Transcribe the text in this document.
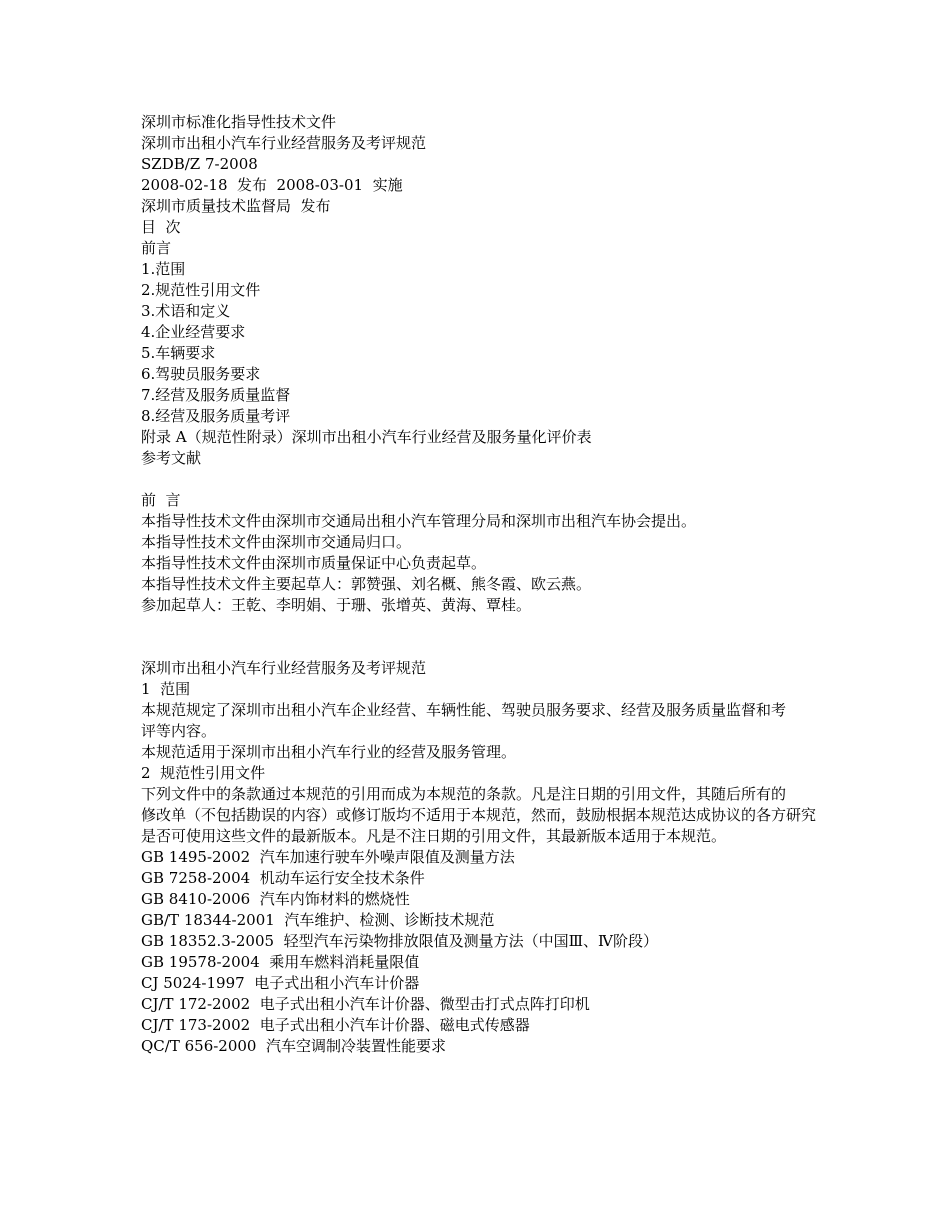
深圳市标准化指导性技术文件
深圳市出租小汽车行业经营服务及考评规范
SZDB/Z 7-2008
2008-02-18  发布  2008-03-01  实施
深圳市质量技术监督局  发布
目  次
前言
1.范围
2.规范性引用文件
3.术语和定义
4.企业经营要求
5.车辆要求
6.驾驶员服务要求
7.经营及服务质量监督
8.经营及服务质量考评
附录 A（规范性附录）深圳市出租小汽车行业经营及服务量化评价表
参考文献
前  言
本指导性技术文件由深圳市交通局出租小汽车管理分局和深圳市出租汽车协会提出。
本指导性技术文件由深圳市交通局归口。
本指导性技术文件由深圳市质量保证中心负责起草。
本指导性技术文件主要起草人：郭赞强、刘名概、熊冬霞、欧云燕。
参加起草人：王乾、李明娟、于珊、张增英、黄海、覃桂。
深圳市出租小汽车行业经营服务及考评规范
1  范围
本规范规定了深圳市出租小汽车企业经营、车辆性能、驾驶员服务要求、经营及服务质量监督和考
评等内容。
本规范适用于深圳市出租小汽车行业的经营及服务管理。
2  规范性引用文件
下列文件中的条款通过本规范的引用而成为本规范的条款。凡是注日期的引用文件，其随后所有的
修改单（不包括勘误的内容）或修订版均不适用于本规范，然而，鼓励根据本规范达成协议的各方研究
是否可使用这些文件的最新版本。凡是不注日期的引用文件，其最新版本适用于本规范。
GB 1495-2002  汽车加速行驶车外噪声限值及测量方法
GB 7258-2004  机动车运行安全技术条件
GB 8410-2006  汽车内饰材料的燃烧性
GB/T 18344-2001  汽车维护、检测、诊断技术规范
GB 18352.3-2005  轻型汽车污染物排放限值及测量方法（中国Ⅲ、Ⅳ阶段）
GB 19578-2004  乘用车燃料消耗量限值
CJ 5024-1997  电子式出租小汽车计价器
CJ/T 172-2002  电子式出租小汽车计价器、微型击打式点阵打印机
CJ/T 173-2002  电子式出租小汽车计价器、磁电式传感器
QC/T 656-2000  汽车空调制冷装置性能要求
